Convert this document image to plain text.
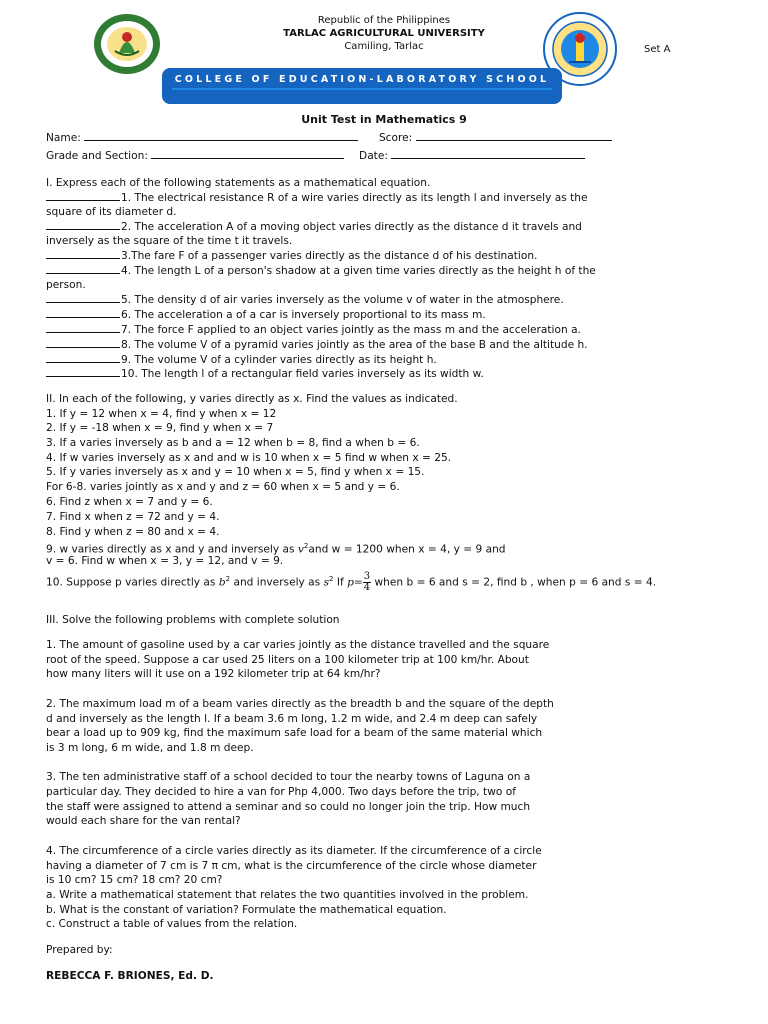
Republic of the Philippines
TARLAC AGRICULTURAL UNIVERSITY
Camiling, Tarlac	Set A
COLLEGE OF EDUCATION-LABORATORY SCHOOL
Unit Test in Mathematics 9
Name:	Score:
Grade and Section:	Date:
I. Express each of the following statements as a mathematical equation.
1. The electrical resistance R of a wire varies directly as its length l and inversely as the
square of its diameter d.
2. The acceleration A of a moving object varies directly as the distance d it travels and
inversely as the square of the time t it travels.
3.The fare F of a passenger varies directly as the distance d of his destination.
4. The length L of a person's shadow at a given time varies directly as the height h of the
person.
5. The density d of air varies inversely as the volume v of water in the atmosphere.
6. The acceleration a of a car is inversely proportional to its mass m.
7. The force F applied to an object varies jointly as the mass m and the acceleration a.
8. The volume V of a pyramid varies jointly as the area of the base B and the altitude h.
9. The volume V of a cylinder varies directly as its height h.
10. The length l of a rectangular field varies inversely as its width w.
II. In each of the following, y varies directly as x. Find the values as indicated.
1. If y = 12 when x = 4, find y when x = 12
2. If y = -18 when x = 9, find y when x = 7
3. If a varies inversely as b and a = 12 when b = 8, find a when b = 6.
4. If w varies inversely as x and and w is 10 when x = 5 find w when x = 25.
5. If y varies inversely as x and y = 10 when x = 5, find y when x = 15.
For 6-8. varies jointly as x and y and z = 60 when x = 5 and y = 6.
6. Find z when x = 7 and y = 6.
7. Find x when z = 72 and y = 4.
8. Find y when z = 80 and x = 4.
9. w varies directly as x and y and inversely as $v^2and$ w = 1200 when x = 4, y = 9 and
v = 6. Find w when x = 3, y = 12, and v = 9.
10. Suppose p varies directly as $b^2$ and inversely as $s^2$ If $p= \frac{3}{4}$ when b = 6 and s = 2, find b , when p = 6 and s = 4.
III. Solve the following problems with complete solution
1. The amount of gasoline used by a car varies jointly as the distance travelled and the square
root of the speed. Suppose a car used 25 liters on a 100 kilometer trip at 100 km/hr. About
how many liters will it use on a 192 kilometer trip at 64 km/hr?
2. The maximum load m of a beam varies directly as the breadth b and the square of the depth
d and inversely as the length l. If a beam 3.6 m long, 1.2 m wide, and 2.4 m deep can safely
bear a load up to 909 kg, find the maximum safe load for a beam of the same material which
is 3 m long, 6 m wide, and 1.8 m deep.
3. The ten administrative staff of a school decided to tour the nearby towns of Laguna on a
particular day. They decided to hire a van for Php 4,000. Two days before the trip, two of
the staff were assigned to attend a seminar and so could no longer join the trip. How much
would each share for the van rental?
4. The circumference of a circle varies directly as its diameter. If the circumference of a circle
having a diameter of 7 cm is 7 π cm, what is the circumference of the circle whose diameter
is 10 cm? 15 cm? 18 cm? 20 cm?
a. Write a mathematical statement that relates the two quantities involved in the problem.
b. What is the constant of variation? Formulate the mathematical equation.
c. Construct a table of values from the relation.
Prepared by:
REBECCA F. BRIONES, Ed. D.
